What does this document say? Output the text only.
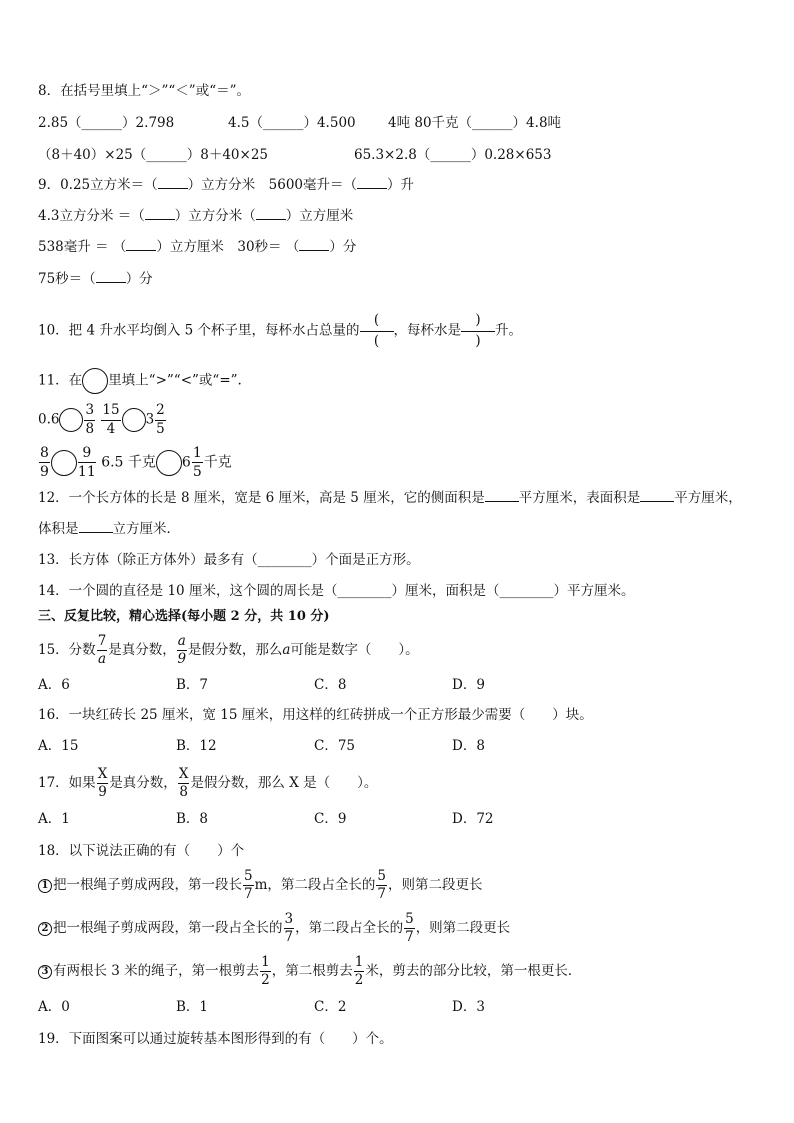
8．在括号里填上“＞”“＜”或“＝”。
2.85（______）2.798	4.5（______）4.500 4吨 80千克（______）4.8吨
（8＋40）×25（______）8＋40×25	65.3×2.8（______）0.28×653
9．0.25立方米＝（ ）立方分米　5600毫升＝（ ）升
4.3立方分米 ＝（ ）立方分米（ ）立方厘米
538毫升 ＝ （ ）立方厘米　30秒＝ （ ）分
75秒＝（ ）分
10．把 4 升水平均倒入 5 个杯子里，每杯水占总量的 $\frac{(}{(}$ ，每杯水是 $\frac{)}{)}$ 升。
11．在 里填上“>”“<”或“=”.
$0.6 \frac{3}{8}$
$\frac{15}{4} 3 \frac{2}{5}$
$\frac{8}{9} \frac{9}{11} 6.5$ 千克 $6 \frac{1}{5}$ 千克
12．一个长方体的长是 8 厘米，宽是 6 厘米，高是 5 厘米，它的侧面积是	平方厘米，表面积是	平方厘米，
体积是	立方厘米．
13．长方体（除正方体外）最多有（________）个面是正方形。
14．一个圆的直径是 10 厘米，这个圆的周长是（________）厘米，面积是（________）平方厘米。
三、反复比较，精心选择(每小题 2 分，共 10 分)
15．分数 $\frac{7}{a}$ 是真分数， $\frac{a}{9}$ 是假分数，那么a可能是数字（　　）。
A．6	B．7	C．8	D．9
16．一块红砖长 25 厘米，宽 15 厘米，用这样的红砖拼成一个正方形最少需要（　　）块。
A．15	B．12	C．75	D．8
17．如果 $\frac{X}{9}$ 是真分数， $\frac{X}{8}$ 是假分数，那么 X 是（　　）。
A．1	B．8	C．9	D．72
18．以下说法正确的有（　　）个
1 把一根绳子剪成两段，第一段长 $\frac{5}{7}$ m，第二段占全长的 $\frac{5}{7}$ ，则第二段更长
2 把一根绳子剪成两段，第一段占全长的 $\frac{3}{7}$ ，第二段占全长的 $\frac{5}{7}$ ，则第二段更长
3 有两根长 3 米的绳子，第一根剪去 $\frac{1}{2}$ ，第二根剪去 $\frac{1}{2}$ 米，剪去的部分比较，第一根更长．
A．0	B．1	C．2	D．3
19．下面图案可以通过旋转基本图形得到的有（　　）个。
